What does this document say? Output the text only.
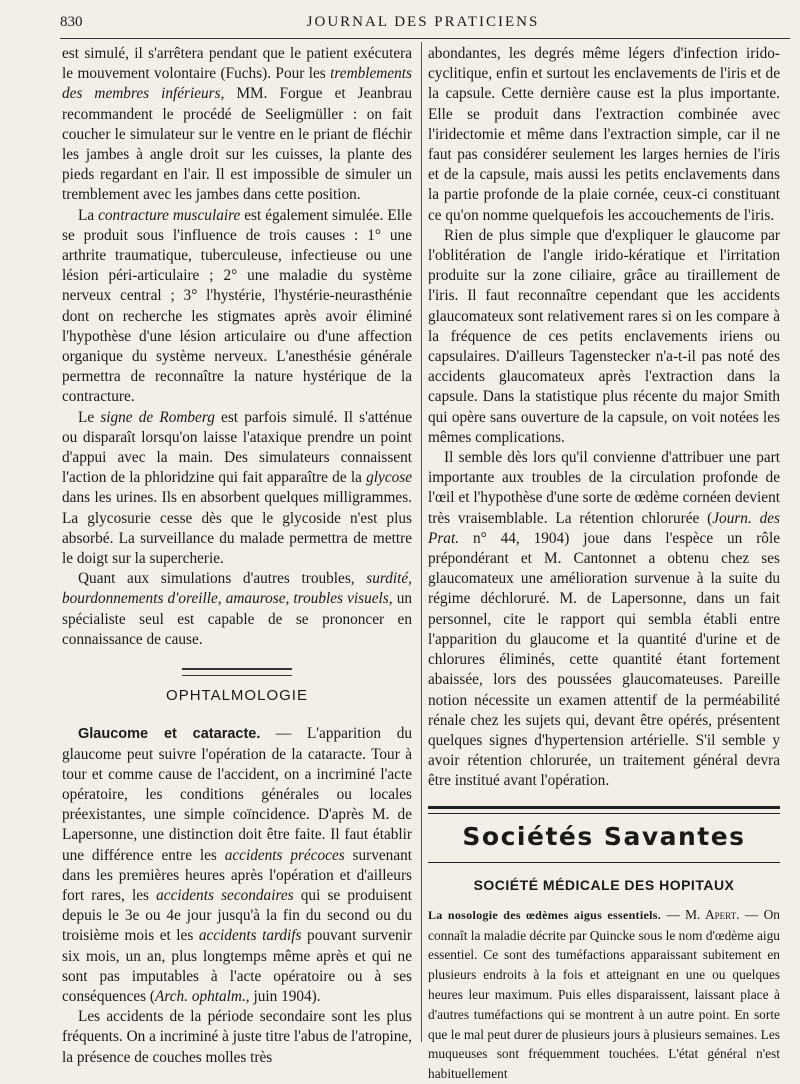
830	JOURNAL DES PRATICIENS

est simulé, il s'arrêtera pendant que le patient exécutera le mouvement volontaire (Fuchs). Pour les tremblements des membres inférieurs, MM. Forgue et Jeanbrau recommandent le procédé de Seeligmüller : on fait coucher le simulateur sur le ventre en le priant de fléchir les jambes à angle droit sur les cuisses, la plante des pieds regardant en l'air. Il est impossible de simuler un tremblement avec les jambes dans cette position.

La contracture musculaire est également simulée. Elle se produit sous l'influence de trois causes : 1° une arthrite traumatique, tuberculeuse, infectieuse ou une lésion péri-articulaire ; 2° une maladie du système nerveux central ; 3° l'hystérie, l'hystérie-neurasthénie dont on recherche les stigmates après avoir éliminé l'hypothèse d'une lésion articulaire ou d'une affection organique du système nerveux. L'anesthésie générale permettra de reconnaître la nature hystérique de la contracture.

Le signe de Romberg est parfois simulé. Il s'atténue ou disparaît lorsqu'on laisse l'ataxique prendre un point d'appui avec la main. Des simulateurs connaissent l'action de la phloridzine qui fait apparaître de la glycose dans les urines. Ils en absorbent quelques milligrammes. La glycosurie cesse dès que le glycoside n'est plus absorbé. La surveillance du malade permettra de mettre le doigt sur la supercherie.

Quant aux simulations d'autres troubles, surdité, bourdonnements d'oreille, amaurose, troubles visuels, un spécialiste seul est capable de se prononcer en connaissance de cause.

OPHTALMOLOGIE

Glaucome et cataracte. — L'apparition du glaucome peut suivre l'opération de la cataracte. Tour à tour et comme cause de l'accident, on a incriminé l'acte opératoire, les conditions générales ou locales préexistantes, une simple coïncidence. D'après M. de Lapersonne, une distinction doit être faite. Il faut établir une différence entre les accidents précoces survenant dans les premières heures après l'opération et d'ailleurs fort rares, les accidents secondaires qui se produisent depuis le 3e ou 4e jour jusqu'à la fin du second ou du troisième mois et les accidents tardifs pouvant survenir six mois, un an, plus longtemps même après et qui ne sont pas imputables à l'acte opératoire ou à ses conséquences (Arch. ophtalm., juin 1904).

Les accidents de la période secondaire sont les plus fréquents. On a incriminé à juste titre l'abus de l'atropine, la présence de couches molles très

abondantes, les degrés même légers d'infection irido-cyclitique, enfin et surtout les enclavements de l'iris et de la capsule. Cette dernière cause est la plus importante. Elle se produit dans l'extraction combinée avec l'iridectomie et même dans l'extraction simple, car il ne faut pas considérer seulement les larges hernies de l'iris et de la capsule, mais aussi les petits enclavements dans la partie profonde de la plaie cornée, ceux-ci constituant ce qu'on nomme quelquefois les accouchements de l'iris.

Rien de plus simple que d'expliquer le glaucome par l'oblitération de l'angle irido-kératique et l'irritation produite sur la zone ciliaire, grâce au tiraillement de l'iris. Il faut reconnaître cependant que les accidents glaucomateux sont relativement rares si on les compare à la fréquence de ces petits enclavements iriens ou capsulaires. D'ailleurs Tagenstecker n'a-t-il pas noté des accidents glaucomateux après l'extraction dans la capsule. Dans la statistique plus récente du major Smith qui opère sans ouverture de la capsule, on voit notées les mêmes complications.

Il semble dès lors qu'il convienne d'attribuer une part importante aux troubles de la circulation profonde de l'œil et l'hypothèse d'une sorte de œdème cornéen devient très vraisemblable. La rétention chlorurée (Journ. des Prat. n° 44, 1904) joue dans l'espèce un rôle prépondérant et M. Cantonnet a obtenu chez ses glaucomateux une amélioration survenue à la suite du régime déchloruré. M. de Lapersonne, dans un fait personnel, cite le rapport qui sembla établi entre l'apparition du glaucome et la quantité d'urine et de chlorures éliminés, cette quantité étant fortement abaissée, lors des poussées glaucomateuses. Pareille notion nécessite un examen attentif de la perméabilité rénale chez les sujets qui, devant être opérés, présentent quelques signes d'hypertension artérielle. S'il semble y avoir rétention chlorurée, un traitement général devra être institué avant l'opération.

Sociétés Savantes
SOCIÉTÉ MÉDICALE DES HOPITAUX

La nosologie des œdèmes aigus essentiels. — M. Apert. — On connaît la maladie décrite par Quincke sous le nom d'œdème aigu essentiel. Ce sont des tuméfactions apparaissant subitement en plusieurs endroits à la fois et atteignant en une ou quelques heures leur maximum. Puis elles disparaissent, laissant place à d'autres tuméfactions qui se montrent à un autre point. En sorte que le mal peut durer de plusieurs jours à plusieurs semaines. Les muqueuses sont fréquemment touchées. L'état général n'est habituellement
